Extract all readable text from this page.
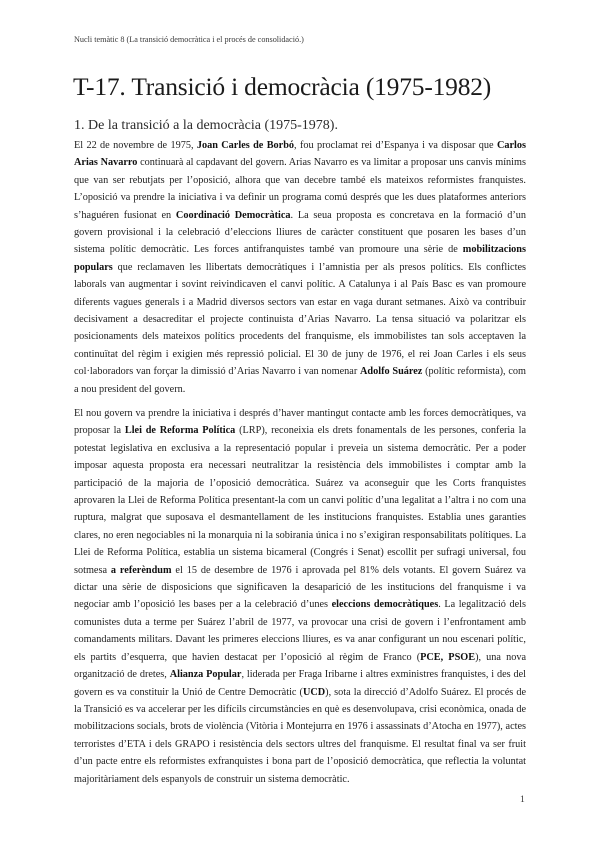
Nucli temàtic 8 (La transició democràtica i el procés de consolidació.)
T-17. Transició i democràcia (1975-1982)
1. De la transició a la democràcia (1975-1978).

El 22 de novembre de 1975, Joan Carles de Borbó, fou proclamat rei d’Espanya i va disposar que Carlos Arias Navarro continuarà al capdavant del govern. Arias Navarro es va limitar a proposar uns canvis mínims que van ser rebutjats per l’oposició, alhora que van decebre també els mateixos reformistes franquistes. L’oposició va prendre la iniciativa i va definir un programa comú després que les dues plataformes anteriors s’haguéren fusionat en Coordinació Democràtica. La seua proposta es concretava en la formació d’un govern provisional i la celebració d’eleccions lliures de caràcter constituent que posaren les bases d’un sistema polític democràtic. Les forces antifranquistes també van promoure una sèrie de mobilitzacions populars que reclamaven les llibertats democràtiques i l’amnistia per als presos polítics. Els conflictes laborals van augmentar i sovint reivindicaven el canvi polític. A Catalunya i al País Basc es van promoure diferents vagues generals i a Madrid diversos sectors van estar en vaga durant setmanes. Això va contribuir decisivament a desacreditar el projecte continuista d’Arias Navarro. La tensa situació va polaritzar els posicionaments dels mateixos polítics procedents del franquisme, els immobilistes tan sols acceptaven la continuïtat del règim i exigien més repressió policial. El 30 de juny de 1976, el rei Joan Carles i els seus col·laboradors van forçar la dimissió d’Arias Navarro i van nomenar Adolfo Suárez (polític reformista), com a nou president del govern.

El nou govern va prendre la iniciativa i després d’haver mantingut contacte amb les forces democràtiques, va proposar la Llei de Reforma Política (LRP), reconeixia els drets fonamentals de les persones, conferia la potestat legislativa en exclusiva a la representació popular i preveia un sistema democràtic. Per a poder imposar aquesta proposta era necessari neutralitzar la resistència dels immobilistes i comptar amb la participació de la majoria de l’oposició democràtica. Suárez va aconseguir que les Corts franquistes aprovaren la Llei de Reforma Política presentant-la com un canvi polític d’una legalitat a l’altra i no com una ruptura, malgrat que suposava el desmantellament de les institucions franquistes. Establia unes garanties clares, no eren negociables ni la monarquia ni la sobirania única i no s’exigiran responsabilitats polítiques. La Llei de Reforma Política, establia un sistema bicameral (Congrés i Senat) escollit per sufragi universal, fou sotmesa a referèndum el 15 de desembre de 1976 i aprovada pel 81% dels votants. El govern Suárez va dictar una sèrie de disposicions que significaven la desaparició de les institucions del franquisme i va negociar amb l’oposició les bases per a la celebració d’unes eleccions democràtiques. La legalització dels comunistes duta a terme per Suárez l’abril de 1977, va provocar una crisi de govern i l’enfrontament amb comandaments militars. Davant les primeres eleccions lliures, es va anar configurant un nou escenari polític, els partits d’esquerra, que havien destacat per l’oposició al règim de Franco (PCE, PSOE), una nova organització de dretes, Alianza Popular, liderada per Fraga Iribarne i altres exministres franquistes, i des del govern es va constituir la Unió de Centre Democràtic (UCD), sota la direcció d’Adolfo Suárez. El procés de la Transició es va accelerar per les difícils circumstàncies en què es desenvolupava, crisi econòmica, onada de mobilitzacions socials, brots de violència (Vitòria i Montejurra en 1976 i assassinats d’Atocha en 1977), actes terroristes d’ETA i dels GRAPO i resistència dels sectors ultres del franquisme. El resultat final va ser fruit d’un pacte entre els reformistes exfranquistes i bona part de l’oposició democràtica, que reflectia la voluntat majoritàriament dels espanyols de construir un sistema democràtic.

1
